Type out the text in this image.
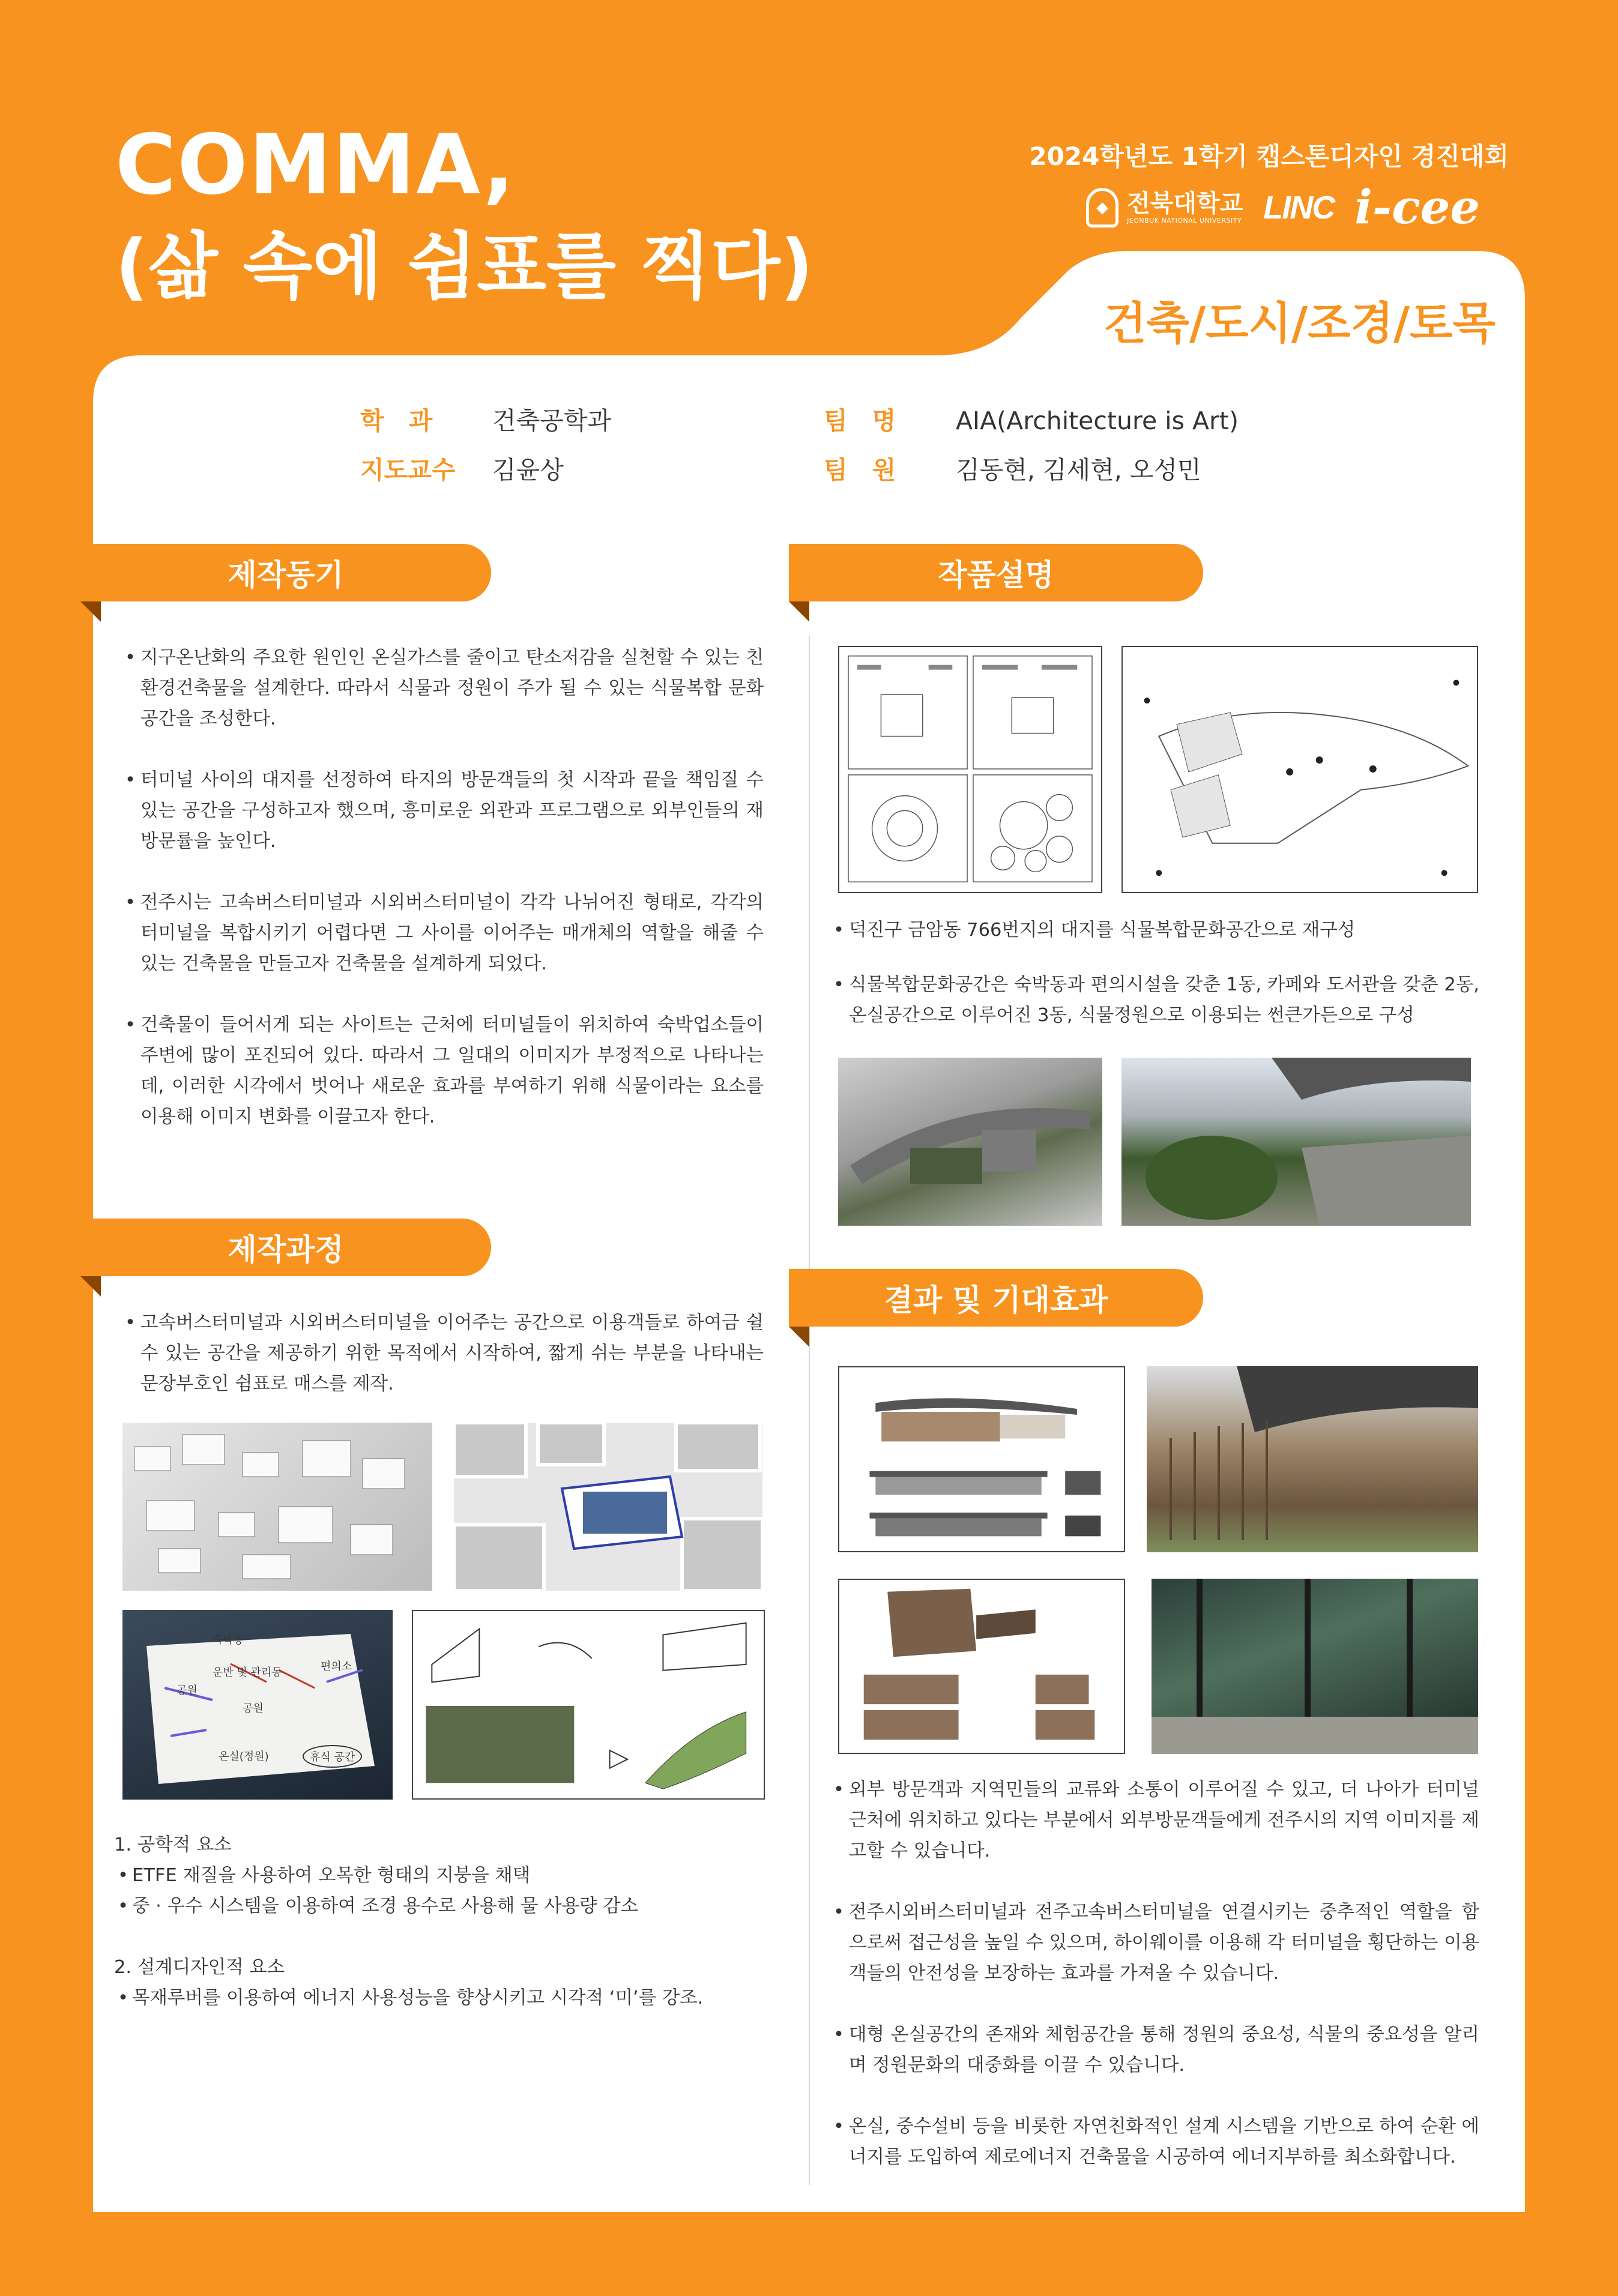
COMMA,
(삶 속에 쉼표를 찍다)
2024학년도 1학기 캡스톤디자인 경진대회
◆ 전북대학교
JEONBUK NATIONAL UNIVERSITY LINC i-cee
건축/도시/조경/토목
학　과	건축공학과
지도교수	김윤상
팀　명	AIA(Architecture is Art)
팀　원	김동현, 김세현, 오성민
제작동기	작품설명
제작과정
결과 및 기대효과
• 지구온난화의 주요한 원인인 온실가스를 줄이고 탄소저감을 실천할 수 있는 친환경건축물을 설계한다. 따라서 식물과 정원이 주가 될 수 있는 식물복합 문화공간을 조성한다.
• 터미널 사이의 대지를 선정하여 타지의 방문객들의 첫 시작과 끝을 책임질 수 있는 공간을 구성하고자 했으며, 흥미로운 외관과 프로그램으로 외부인들의 재방문률을 높인다.
• 전주시는 고속버스터미널과 시외버스터미널이 각각 나뉘어진 형태로, 각각의 터미널을 복합시키기 어렵다면 그 사이를 이어주는 매개체의 역할을 해줄 수 있는 건축물을 만들고자 건축물을 설계하게 되었다.
• 건축물이 들어서게 되는 사이트는 근처에 터미널들이 위치하여 숙박업소들이 주변에 많이 포진되어 있다. 따라서 그 일대의 이미지가 부정적으로 나타나는데, 이러한 시각에서 벗어나 새로운 효과를 부여하기 위해 식물이라는 요소를 이용해 이미지 변화를 이끌고자 한다.
• 덕진구 금암동 766번지의 대지를 식물복합문화공간으로 재구성
• 식물복합문화공간은 숙박동과 편의시설을 갖춘 1동, 카페와 도서관을 갖춘 2동, 온실공간으로 이루어진 3동, 식물정원으로 이용되는 썬큰가든으로 구성
• 고속버스터미널과 시외버스터미널을 이어주는 공간으로 이용객들로 하여금 쉴 수 있는 공간을 제공하기 위한 목적에서 시작하여, 짧게 쉬는 부분을 나타내는 문장부호인 쉼표로 매스를 제작.
숙박동
운반 및 관리동	편의소
공원
공원
온실(정원)	휴식 공간
1. 공학적 요소
• ETFE 재질을 사용하여 오목한 형태의 지붕을 채택
• 중 · 우수 시스템을 이용하여 조경 용수로 사용해 물 사용량 감소
2. 설계디자인적 요소
• 목재루버를 이용하여 에너지 사용성능을 향상시키고 시각적 ‘미’를 강조.
• 외부 방문객과 지역민들의 교류와 소통이 이루어질 수 있고, 더 나아가 터미널 근처에 위치하고 있다는 부분에서 외부방문객들에게 전주시의 지역 이미지를 제고할 수 있습니다.
• 전주시외버스터미널과 전주고속버스터미널을 연결시키는 중추적인 역할을 함으로써 접근성을 높일 수 있으며, 하이웨이를 이용해 각 터미널을 횡단하는 이용객들의 안전성을 보장하는 효과를 가져올 수 있습니다.
• 대형 온실공간의 존재와 체험공간을 통해 정원의 중요성, 식물의 중요성을 알리며 정원문화의 대중화를 이끌 수 있습니다.
• 온실, 중수설비 등을 비롯한 자연친화적인 설계 시스템을 기반으로 하여 순환 에너지를 도입하여 제로에너지 건축물을 시공하여 에너지부하를 최소화합니다.
